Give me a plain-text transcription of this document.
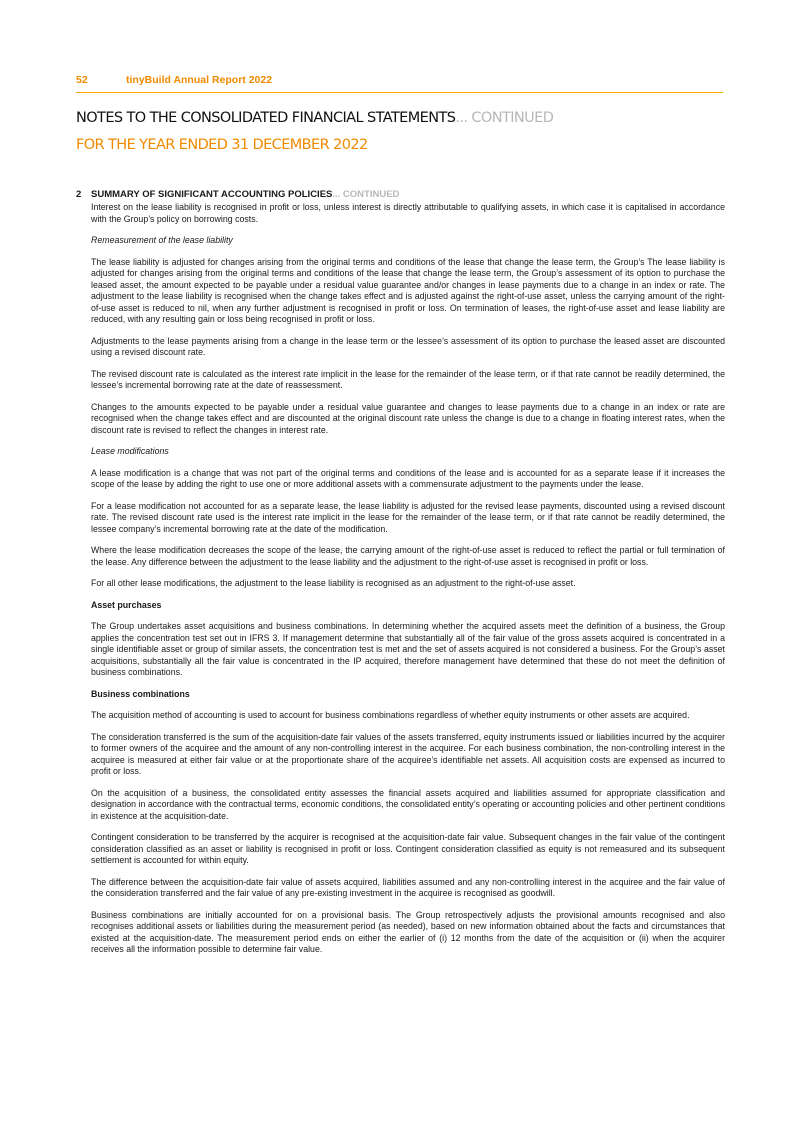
52	tinyBuild Annual Report 2022
NOTES TO THE CONSOLIDATED FINANCIAL STATEMENTS... CONTINUED
FOR THE YEAR ENDED 31 DECEMBER 2022
2 SUMMARY OF SIGNIFICANT ACCOUNTING POLICIES... CONTINUED

Interest on the lease liability is recognised in profit or loss, unless interest is directly attributable to qualifying assets, in which case it is capitalised in accordance with the Group’s policy on borrowing costs.

Remeasurement of the lease liability

The lease liability is adjusted for changes arising from the original terms and conditions of the lease that change the lease term, the Group’s The lease liability is adjusted for changes arising from the original terms and conditions of the lease that change the lease term, the Group’s assessment of its option to purchase the leased asset, the amount expected to be payable under a residual value guarantee and/or changes in lease payments due to a change in an index or rate. The adjustment to the lease liability is recognised when the change takes effect and is adjusted against the right-of-use asset, unless the carrying amount of the right-of-use asset is reduced to nil, when any further adjustment is recognised in profit or loss. On termination of leases, the right-of-use asset and lease liability are reduced, with any resulting gain or loss being recognised in profit or loss.

Adjustments to the lease payments arising from a change in the lease term or the lessee’s assessment of its option to purchase the leased asset are discounted using a revised discount rate.

The revised discount rate is calculated as the interest rate implicit in the lease for the remainder of the lease term, or if that rate cannot be readily determined, the lessee’s incremental borrowing rate at the date of reassessment.

Changes to the amounts expected to be payable under a residual value guarantee and changes to lease payments due to a change in an index or rate are recognised when the change takes effect and are discounted at the original discount rate unless the change is due to a change in floating interest rates, when the discount rate is revised to reflect the changes in interest rate.

Lease modifications

A lease modification is a change that was not part of the original terms and conditions of the lease and is accounted for as a separate lease if it increases the scope of the lease by adding the right to use one or more additional assets with a commensurate adjustment to the payments under the lease.

For a lease modification not accounted for as a separate lease, the lease liability is adjusted for the revised lease payments, discounted using a revised discount rate. The revised discount rate used is the interest rate implicit in the lease for the remainder of the lease term, or if that rate cannot be readily determined, the lessee company’s incremental borrowing rate at the date of the modification.

Where the lease modification decreases the scope of the lease, the carrying amount of the right-of-use asset is reduced to reflect the partial or full termination of the lease. Any difference between the adjustment to the lease liability and the adjustment to the right-of-use asset is recognised in profit or loss.

For all other lease modifications, the adjustment to the lease liability is recognised as an adjustment to the right-of-use asset.

Asset purchases

The Group undertakes asset acquisitions and business combinations. In determining whether the acquired assets meet the definition of a business, the Group applies the concentration test set out in IFRS 3. If management determine that substantially all of the fair value of the gross assets acquired is concentrated in a single identifiable asset or group of similar assets, the concentration test is met and the set of assets acquired is not considered a business. For the Group’s asset acquisitions, substantially all the fair value is concentrated in the IP acquired, therefore management have determined that these do not meet the definition of business combinations.

Business combinations

The acquisition method of accounting is used to account for business combinations regardless of whether equity instruments or other assets are acquired.

The consideration transferred is the sum of the acquisition-date fair values of the assets transferred, equity instruments issued or liabilities incurred by the acquirer to former owners of the acquiree and the amount of any non-controlling interest in the acquiree. For each business combination, the non-controlling interest in the acquiree is measured at either fair value or at the proportionate share of the acquiree’s identifiable net assets. All acquisition costs are expensed as incurred to profit or loss.

On the acquisition of a business, the consolidated entity assesses the financial assets acquired and liabilities assumed for appropriate classification and designation in accordance with the contractual terms, economic conditions, the consolidated entity’s operating or accounting policies and other pertinent conditions in existence at the acquisition-date.

Contingent consideration to be transferred by the acquirer is recognised at the acquisition-date fair value. Subsequent changes in the fair value of the contingent consideration classified as an asset or liability is recognised in profit or loss. Contingent consideration classified as equity is not remeasured and its subsequent settlement is accounted for within equity.

The difference between the acquisition-date fair value of assets acquired, liabilities assumed and any non-controlling interest in the acquiree and the fair value of the consideration transferred and the fair value of any pre-existing investment in the acquiree is recognised as goodwill.

Business combinations are initially accounted for on a provisional basis. The Group retrospectively adjusts the provisional amounts recognised and also recognises additional assets or liabilities during the measurement period (as needed), based on new information obtained about the facts and circumstances that existed at the acquisition-date. The measurement period ends on either the earlier of (i) 12 months from the date of the acquisition or (ii) when the acquirer receives all the information possible to determine fair value.
